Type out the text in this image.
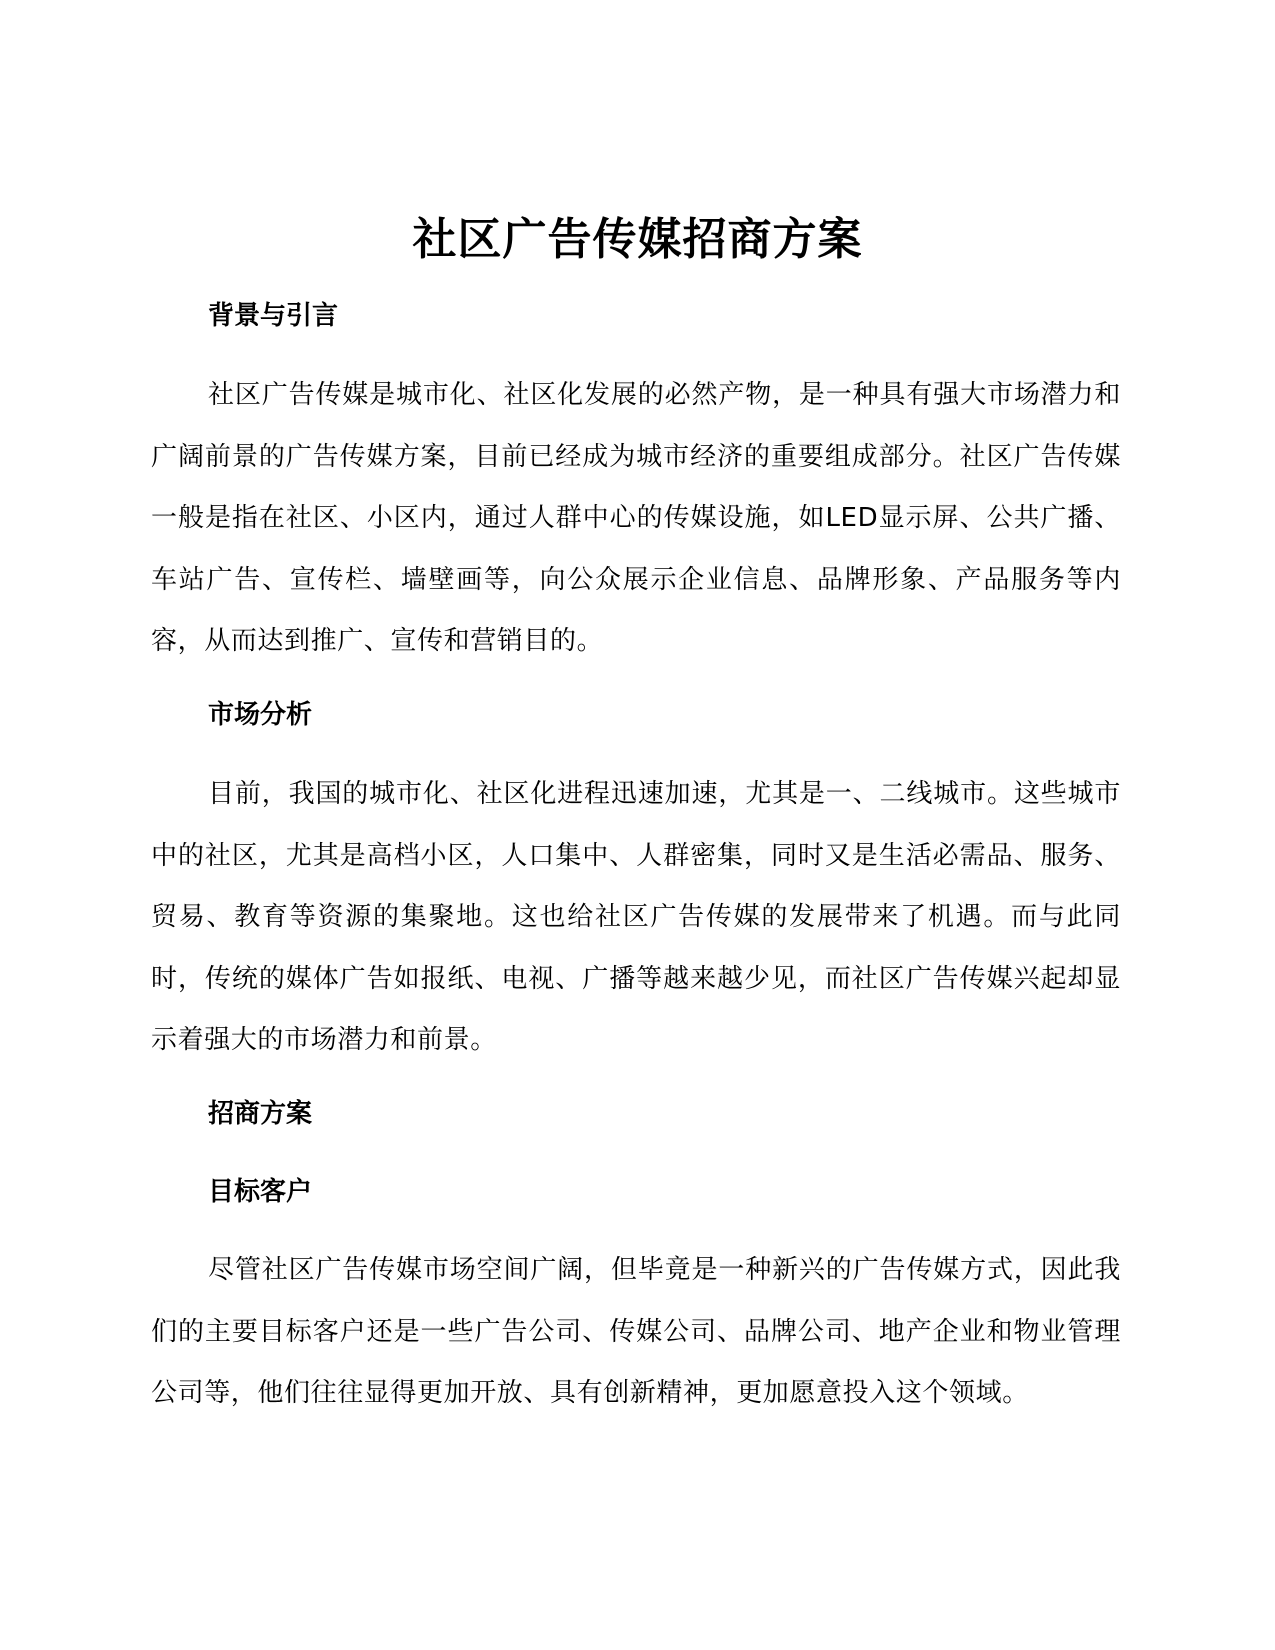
社区广告传媒招商方案
背景与引言

社区广告传媒是城市化、社区化发展的必然产物，是一种具有强大市场潜力和广阔前景的广告传媒方案，目前已经成为城市经济的重要组成部分。社区广告传媒一般是指在社区、小区内，通过人群中心的传媒设施，如LED显示屏、公共广播、车站广告、宣传栏、墙壁画等，向公众展示企业信息、品牌形象、产品服务等内容，从而达到推广、宣传和营销目的。

市场分析

目前，我国的城市化、社区化进程迅速加速，尤其是一、二线城市。这些城市中的社区，尤其是高档小区，人口集中、人群密集，同时又是生活必需品、服务、贸易、教育等资源的集聚地。这也给社区广告传媒的发展带来了机遇。而与此同时，传统的媒体广告如报纸、电视、广播等越来越少见，而社区广告传媒兴起却显示着强大的市场潜力和前景。

招商方案
目标客户

尽管社区广告传媒市场空间广阔，但毕竟是一种新兴的广告传媒方式，因此我们的主要目标客户还是一些广告公司、传媒公司、品牌公司、地产企业和物业管理公司等，他们往往显得更加开放、具有创新精神，更加愿意投入这个领域。
